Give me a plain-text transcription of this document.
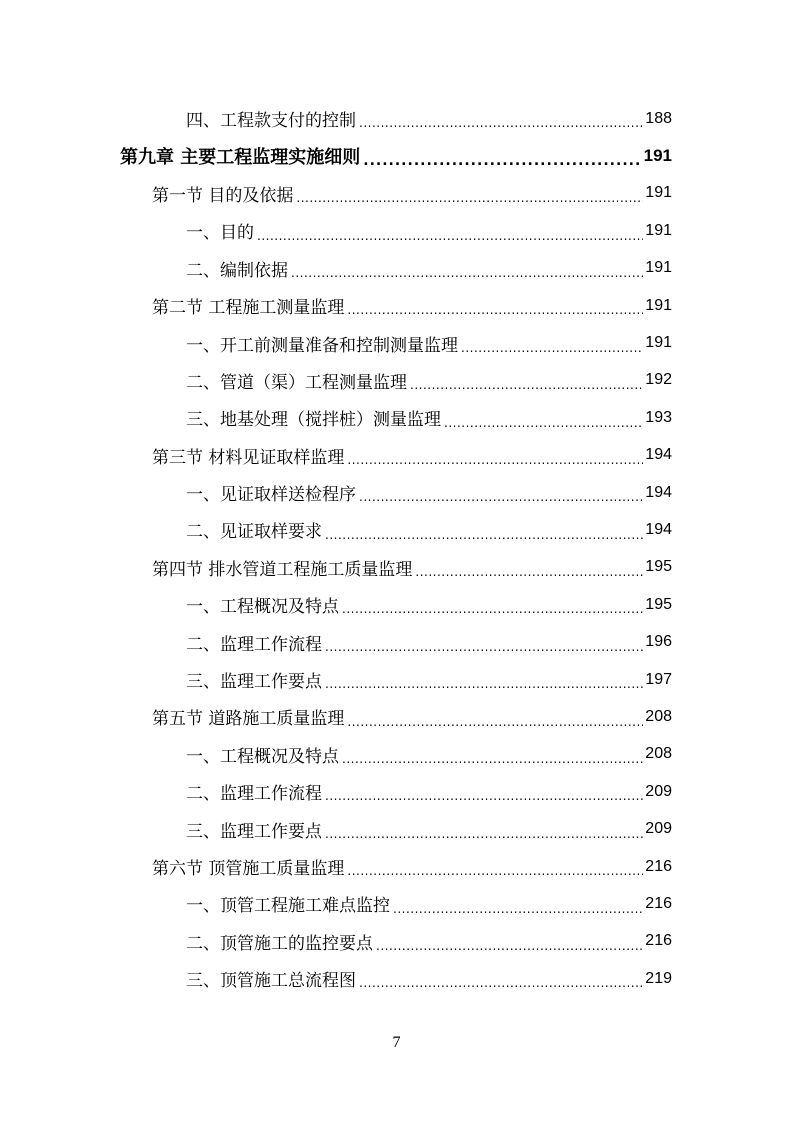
四、工程款支付的控制 .....	188
第九章 主要工程监理实施细则 .....	191
第一节 目的及依据 .....	191
一、目的 .....	191
二、编制依据 .....	191
第二节 工程施工测量监理 .....	191
一、开工前测量准备和控制测量监理 .....	191
二、管道（渠）工程测量监理 .....	192
三、地基处理（搅拌桩）测量监理 .....	193
第三节 材料见证取样监理 .....	194
一、见证取样送检程序 .....	194
二、见证取样要求 .....	194
第四节 排水管道工程施工质量监理 .....	195
一、工程概况及特点 .....	195
二、监理工作流程 .....	196
三、监理工作要点 .....	197
第五节 道路施工质量监理 .....	208
一、工程概况及特点 .....	208
二、监理工作流程 .....	209
三、监理工作要点 .....	209
第六节 顶管施工质量监理 .....	216
一、顶管工程施工难点监控 .....	216
二、顶管施工的监控要点 .....	216
三、顶管施工总流程图 .....	219
7
